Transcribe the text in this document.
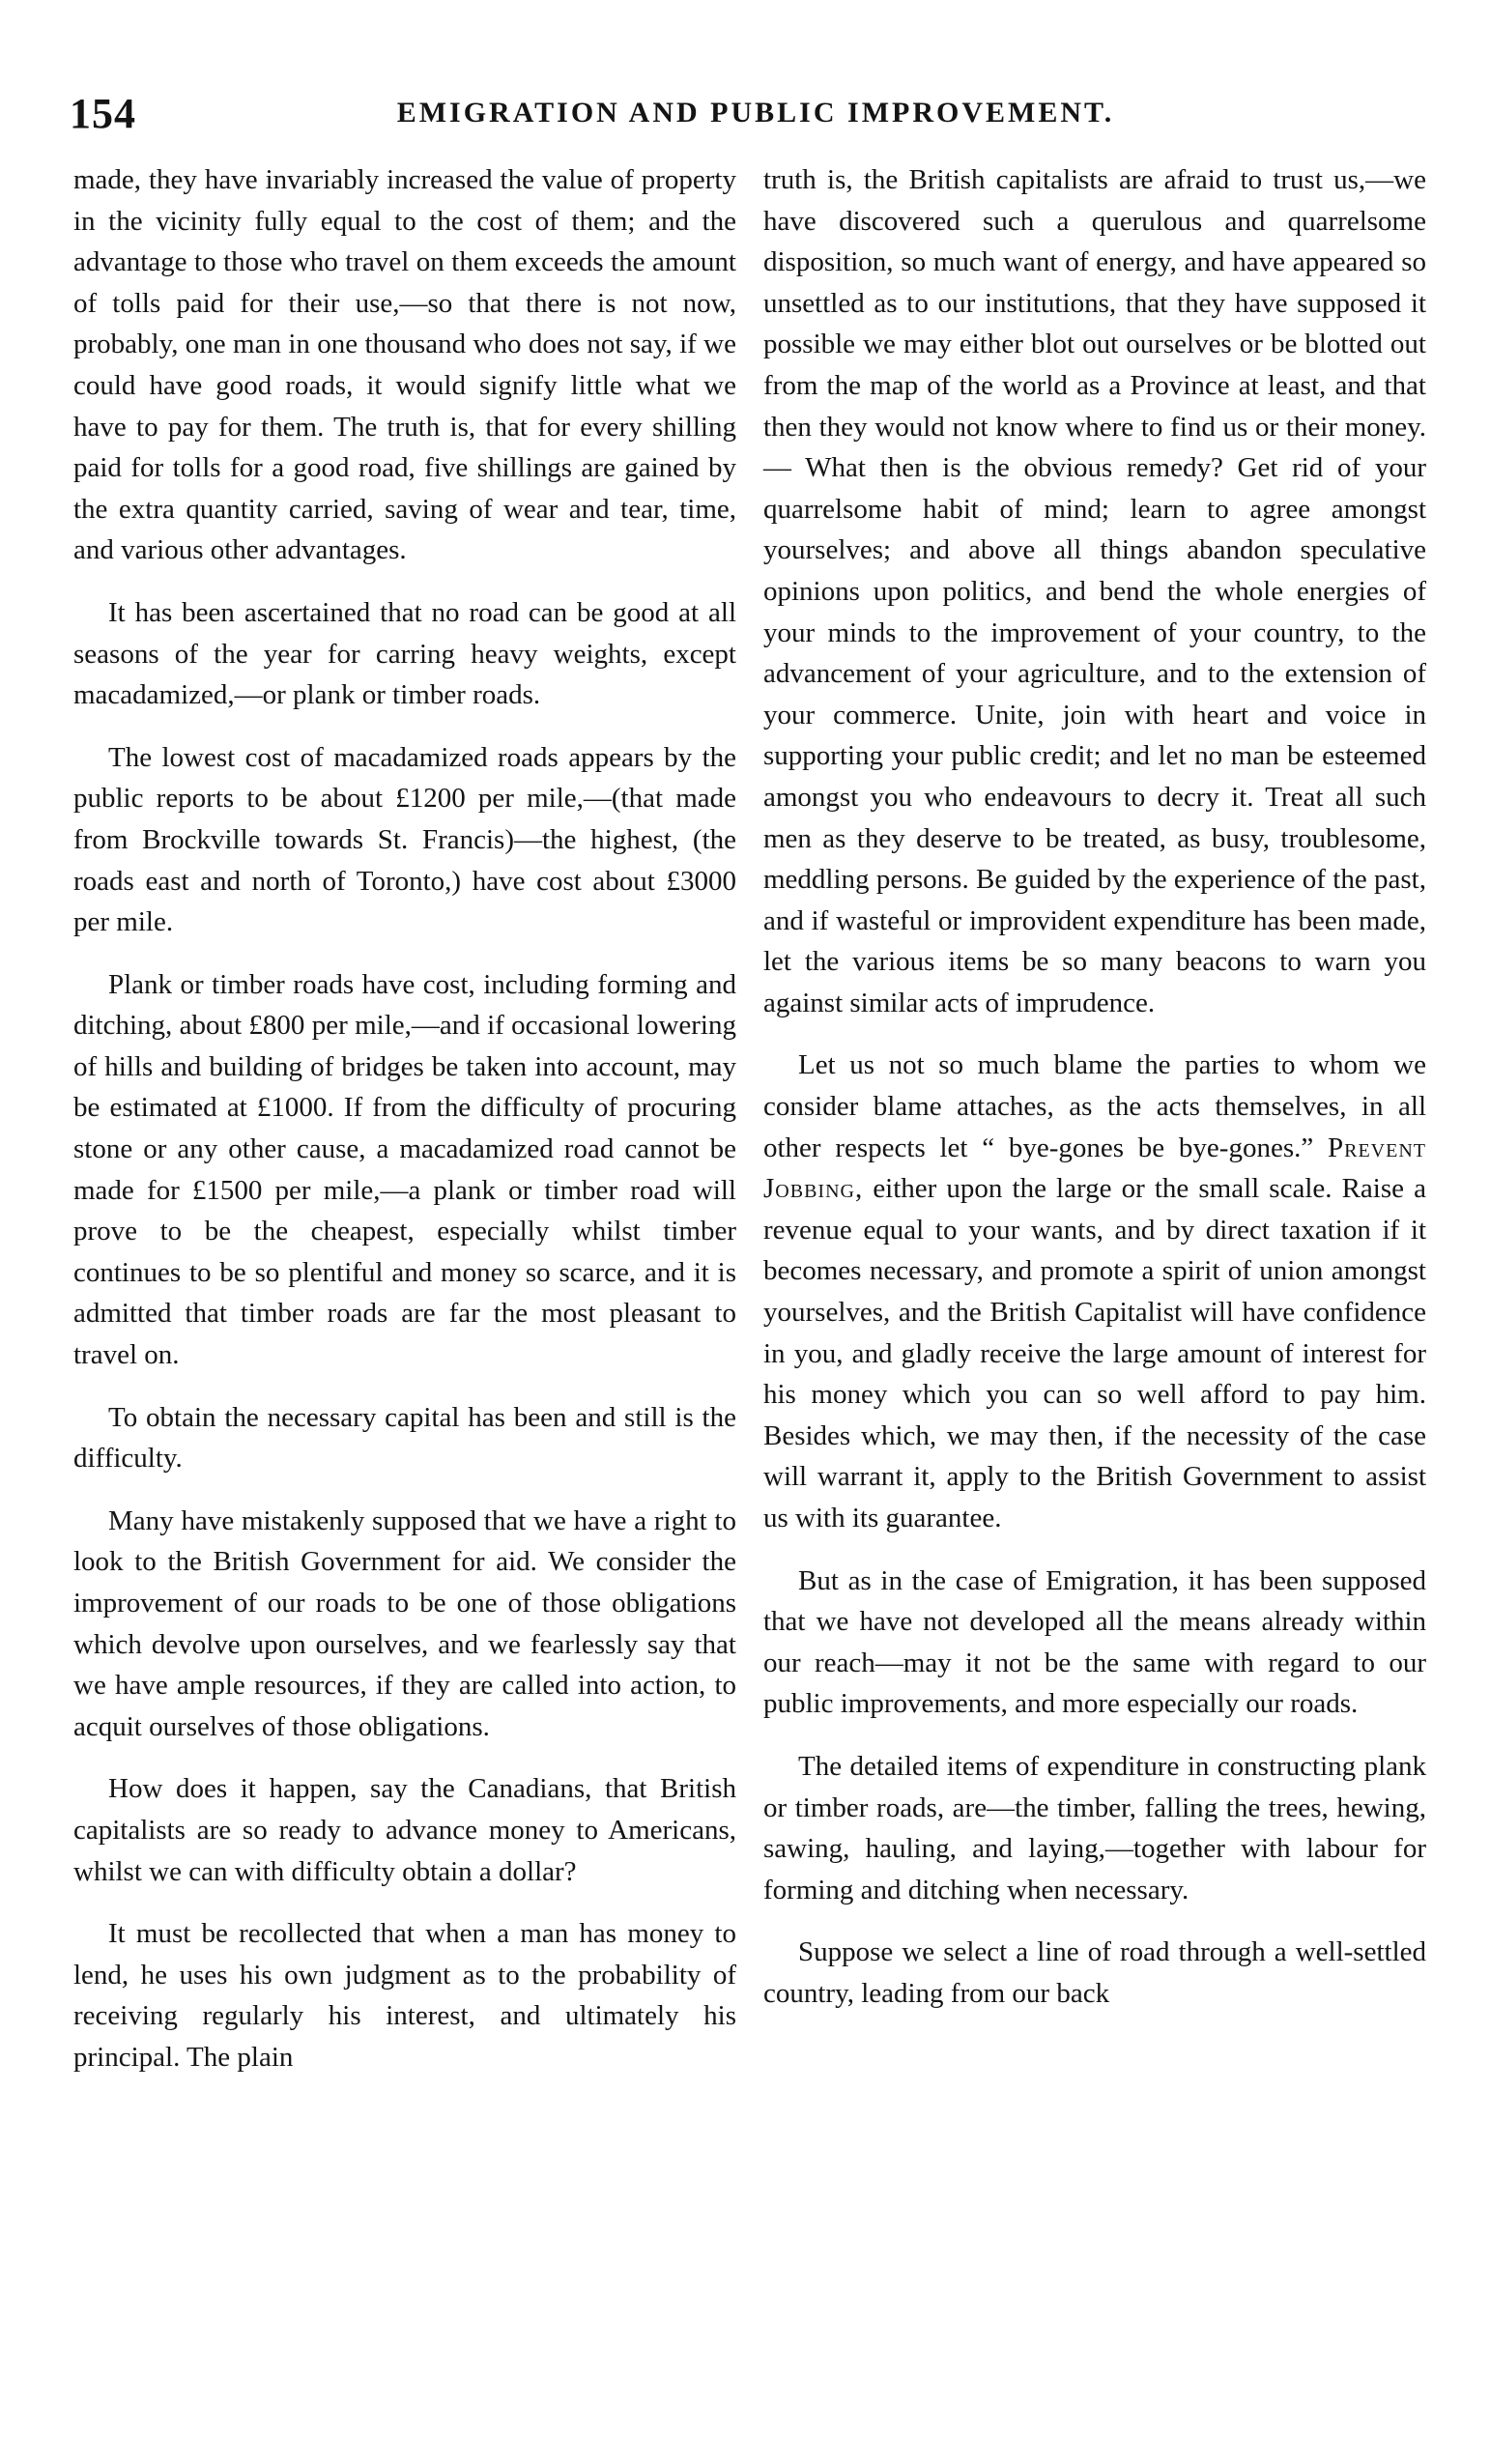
154	EMIGRATION AND PUBLIC IMPROVEMENT.

made, they have invariably increased the value of property in the vicinity fully equal to the cost of them; and the advantage to those who travel on them exceeds the amount of tolls paid for their use,—so that there is not now, probably, one man in one thousand who does not say, if we could have good roads, it would signify little what we have to pay for them. The truth is, that for every shilling paid for tolls for a good road, five shillings are gained by the extra quantity carried, saving of wear and tear, time, and various other advantages.

It has been ascertained that no road can be good at all seasons of the year for carring heavy weights, except macadamized,—or plank or timber roads.

The lowest cost of macadamized roads appears by the public reports to be about £1200 per mile,—(that made from Brockville towards St. Francis)—the highest, (the roads east and north of Toronto,) have cost about £3000 per mile.

Plank or timber roads have cost, including forming and ditching, about £800 per mile,—and if occasional lowering of hills and building of bridges be taken into account, may be estimated at £1000. If from the difficulty of procuring stone or any other cause, a macadamized road cannot be made for £1500 per mile,—a plank or timber road will prove to be the cheapest, especially whilst timber continues to be so plentiful and money so scarce, and it is admitted that timber roads are far the most pleasant to travel on.

To obtain the necessary capital has been and still is the difficulty.

Many have mistakenly supposed that we have a right to look to the British Government for aid. We consider the improvement of our roads to be one of those obligations which devolve upon ourselves, and we fearlessly say that we have ample resources, if they are called into action, to acquit ourselves of those obligations.

How does it happen, say the Canadians, that British capitalists are so ready to advance money to Americans, whilst we can with difficulty obtain a dollar?

It must be recollected that when a man has money to lend, he uses his own judgment as to the probability of receiving regularly his interest, and ultimately his principal. The plain

truth is, the British capitalists are afraid to trust us,—we have discovered such a querulous and quarrelsome disposition, so much want of energy, and have appeared so unsettled as to our institutions, that they have supposed it possible we may either blot out ourselves or be blotted out from the map of the world as a Province at least, and that then they would not know where to find us or their money.— What then is the obvious remedy? Get rid of your quarrelsome habit of mind; learn to agree amongst yourselves; and above all things abandon speculative opinions upon politics, and bend the whole energies of your minds to the improvement of your country, to the advancement of your agriculture, and to the extension of your commerce. Unite, join with heart and voice in supporting your public credit; and let no man be esteemed amongst you who endeavours to decry it. Treat all such men as they deserve to be treated, as busy, troublesome, meddling persons. Be guided by the experience of the past, and if wasteful or improvident expenditure has been made, let the various items be so many beacons to warn you against similar acts of imprudence.

Let us not so much blame the parties to whom we consider blame attaches, as the acts themselves, in all other respects let “ bye-gones be bye-gones.” Prevent Jobbing, either upon the large or the small scale. Raise a revenue equal to your wants, and by direct taxation if it becomes necessary, and promote a spirit of union amongst yourselves, and the British Capitalist will have confidence in you, and gladly receive the large amount of interest for his money which you can so well afford to pay him. Besides which, we may then, if the necessity of the case will warrant it, apply to the British Government to assist us with its guarantee.

But as in the case of Emigration, it has been supposed that we have not developed all the means already within our reach—may it not be the same with regard to our public improvements, and more especially our roads.

The detailed items of expenditure in constructing plank or timber roads, are—the timber, falling the trees, hewing, sawing, hauling, and laying,—together with labour for forming and ditching when necessary.

Suppose we select a line of road through a well-settled country, leading from our back
